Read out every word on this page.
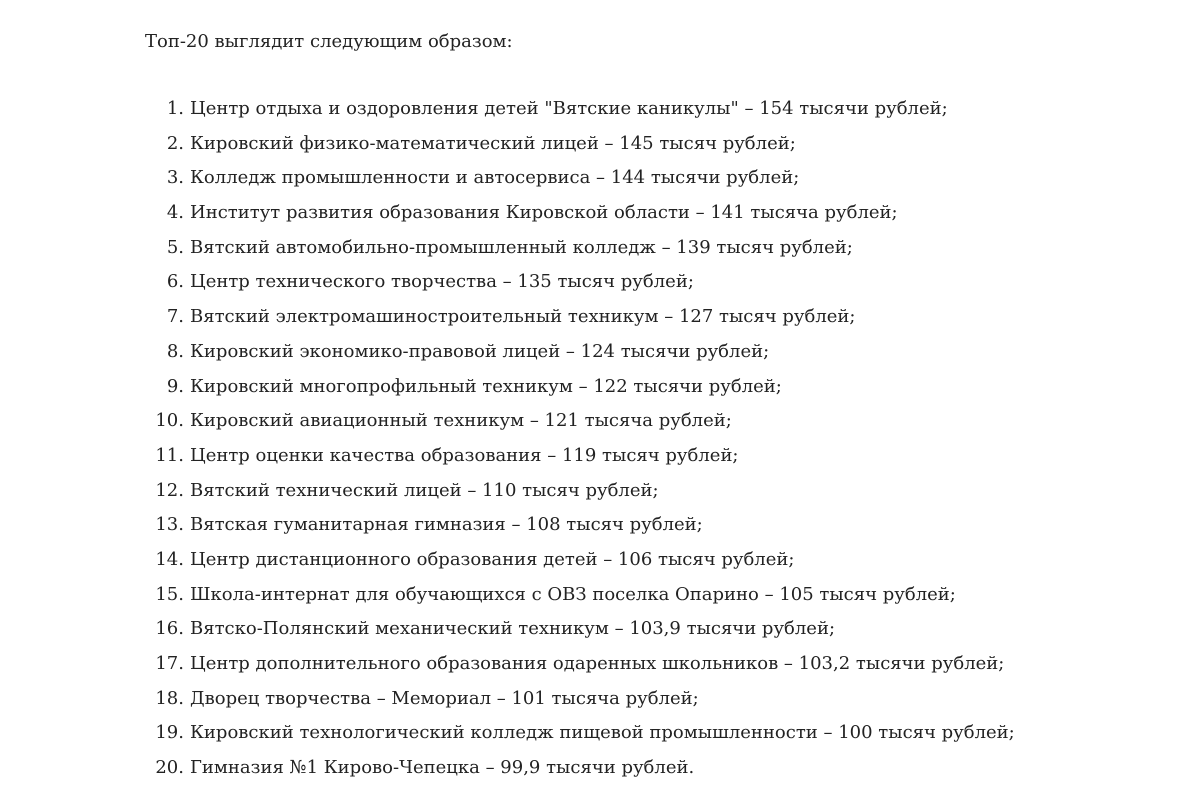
Топ-20 выглядит следующим образом:

1. Центр отдыха и оздоровления детей "Вятские каникулы" – 154 тысячи рублей;
2. Кировский физико-математический лицей – 145 тысяч рублей;
3. Колледж промышленности и автосервиса – 144 тысячи рублей;
4. Институт развития образования Кировской области – 141 тысяча рублей;
5. Вятский автомобильно-промышленный колледж – 139 тысяч рублей;
6. Центр технического творчества – 135 тысяч рублей;
7. Вятский электромашиностроительный техникум – 127 тысяч рублей;
8. Кировский экономико-правовой лицей – 124 тысячи рублей;
9. Кировский многопрофильный техникум – 122 тысячи рублей;
10. Кировский авиационный техникум – 121 тысяча рублей;
11. Центр оценки качества образования – 119 тысяч рублей;
12. Вятский технический лицей – 110 тысяч рублей;
13. Вятская гуманитарная гимназия – 108 тысяч рублей;
14. Центр дистанционного образования детей – 106 тысяч рублей;
15. Школа-интернат для обучающихся с ОВЗ поселка Опарино – 105 тысяч рублей;
16. Вятско-Полянский механический техникум – 103,9 тысячи рублей;
17. Центр дополнительного образования одаренных школьников – 103,2 тысячи рублей;
18. Дворец творчества – Мемориал – 101 тысяча рублей;
19. Кировский технологический колледж пищевой промышленности – 100 тысяч рублей;
20. Гимназия №1 Кирово-Чепецка – 99,9 тысячи рублей.
